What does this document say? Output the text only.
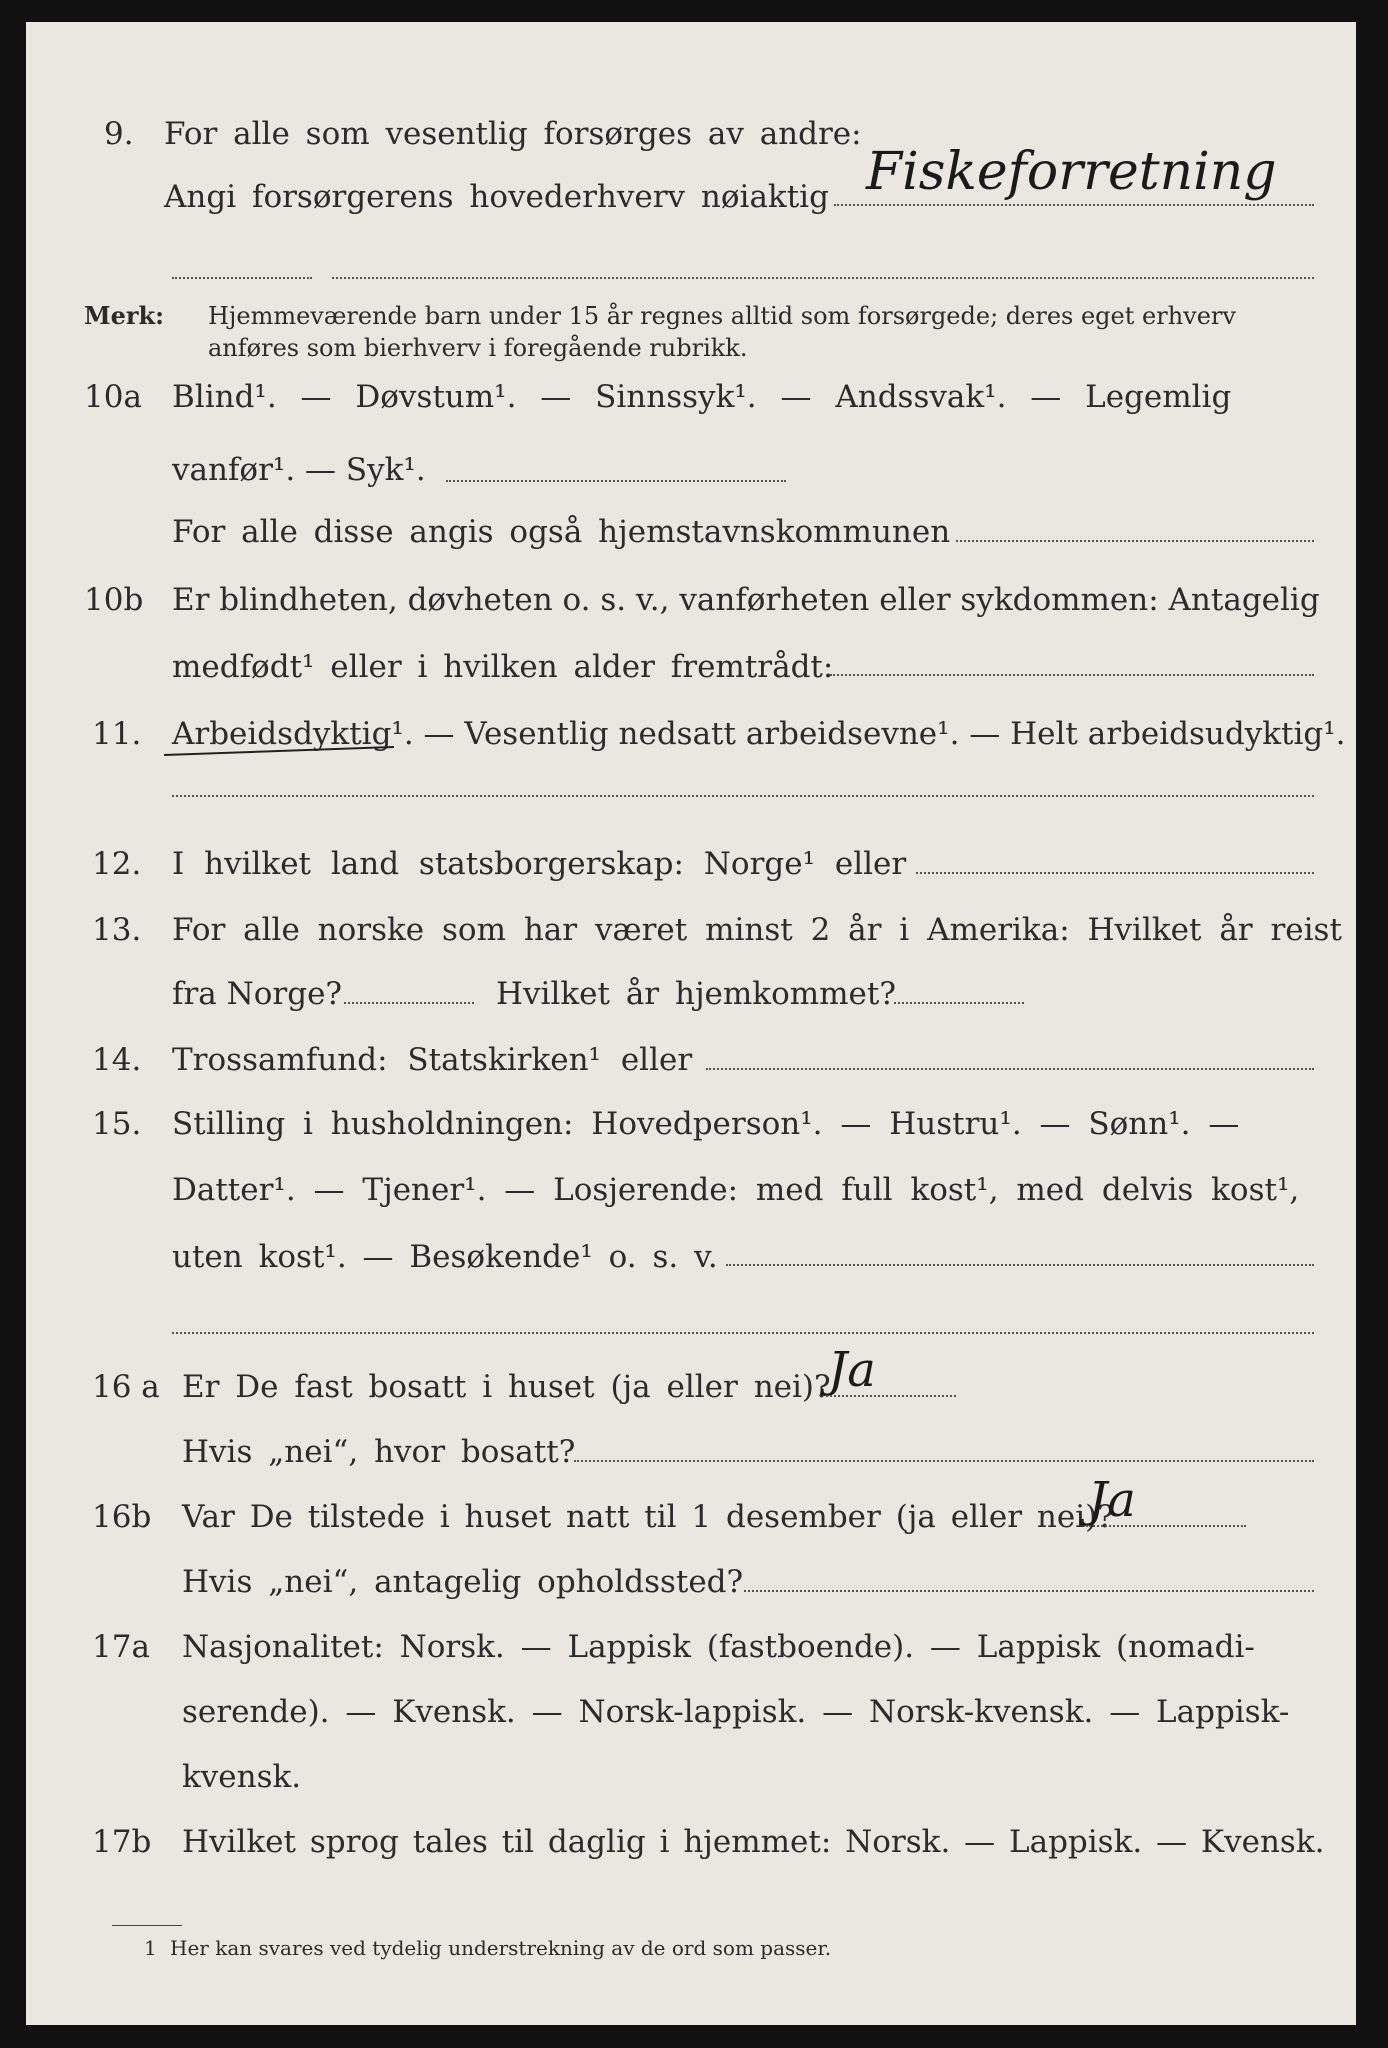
9. For alle som vesentlig forsørges av andre:
Angi forsørgerens hovederhverv nøiaktig Fiskeforretning
Merk: Hjemmeværende barn under 15 år regnes alltid som forsørgede; deres eget erhverv
anføres som bierhverv i foregående rubrikk.
10a Blind¹. — Døvstum¹. — Sinnssyk¹. — Andssvak¹. — Legemlig
vanfør¹. — Syk¹.
For alle disse angis også hjemstavnskommunen
10b Er blindheten, døvheten o. s. v., vanførheten eller sykdommen: Antagelig
medfødt¹ eller i hvilken alder fremtrådt:
11. Arbeidsdyktig¹. — Vesentlig nedsatt arbeidsevne¹. — Helt arbeidsudyktig¹.
12. I hvilket land statsborgerskap: Norge¹ eller
13. For alle norske som har været minst 2 år i Amerika: Hvilket år reist
fra Norge?	Hvilket år hjemkommet?
14. Trossamfund: Statskirken¹ eller
15. Stilling i husholdningen: Hovedperson¹. — Hustru¹. — Sønn¹. —
Datter¹. — Tjener¹. — Losjerende: med full kost¹, med delvis kost¹,
uten kost¹. — Besøkende¹ o. s. v.
16 a Er De fast bosatt i huset (ja eller nei)?
Ja
Hvis „nei“, hvor bosatt?
16b Var De tilstede i huset natt til 1 desember (ja eller nei)?
Ja
Hvis „nei“, antagelig opholdssted?
17a Nasjonalitet: Norsk. — Lappisk (fastboende). — Lappisk (nomadi-
serende). — Kvensk. — Norsk-lappisk. — Norsk-kvensk. — Lappisk-
kvensk.
17b Hvilket sprog tales til daglig i hjemmet: Norsk. — Lappisk. — Kvensk.
1 Her kan svares ved tydelig understrekning av de ord som passer.
